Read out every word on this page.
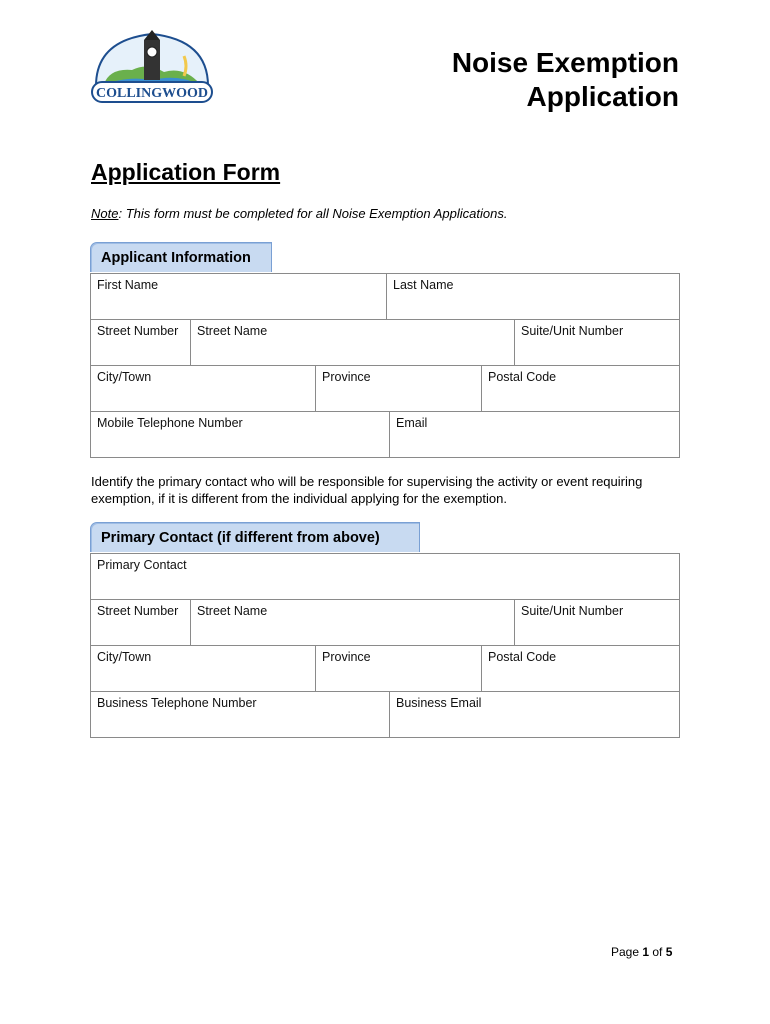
COLLINGWOOD
Noise Exemption
Application
Application Form
Note: This form must be completed for all Noise Exemption Applications.
Applicant Information
First Name	Last Name
Street Number	Street Name	Suite/Unit Number
City/Town	Province	Postal Code
Mobile Telephone Number	Email
Identify the primary contact who will be responsible for supervising the activity or event requiring exemption, if it is different from the individual applying for the exemption.
Primary Contact (if different from above)
Primary Contact
Street Number	Street Name	Suite/Unit Number
City/Town	Province	Postal Code
Business Telephone Number	Business Email
Page 1 of 5
